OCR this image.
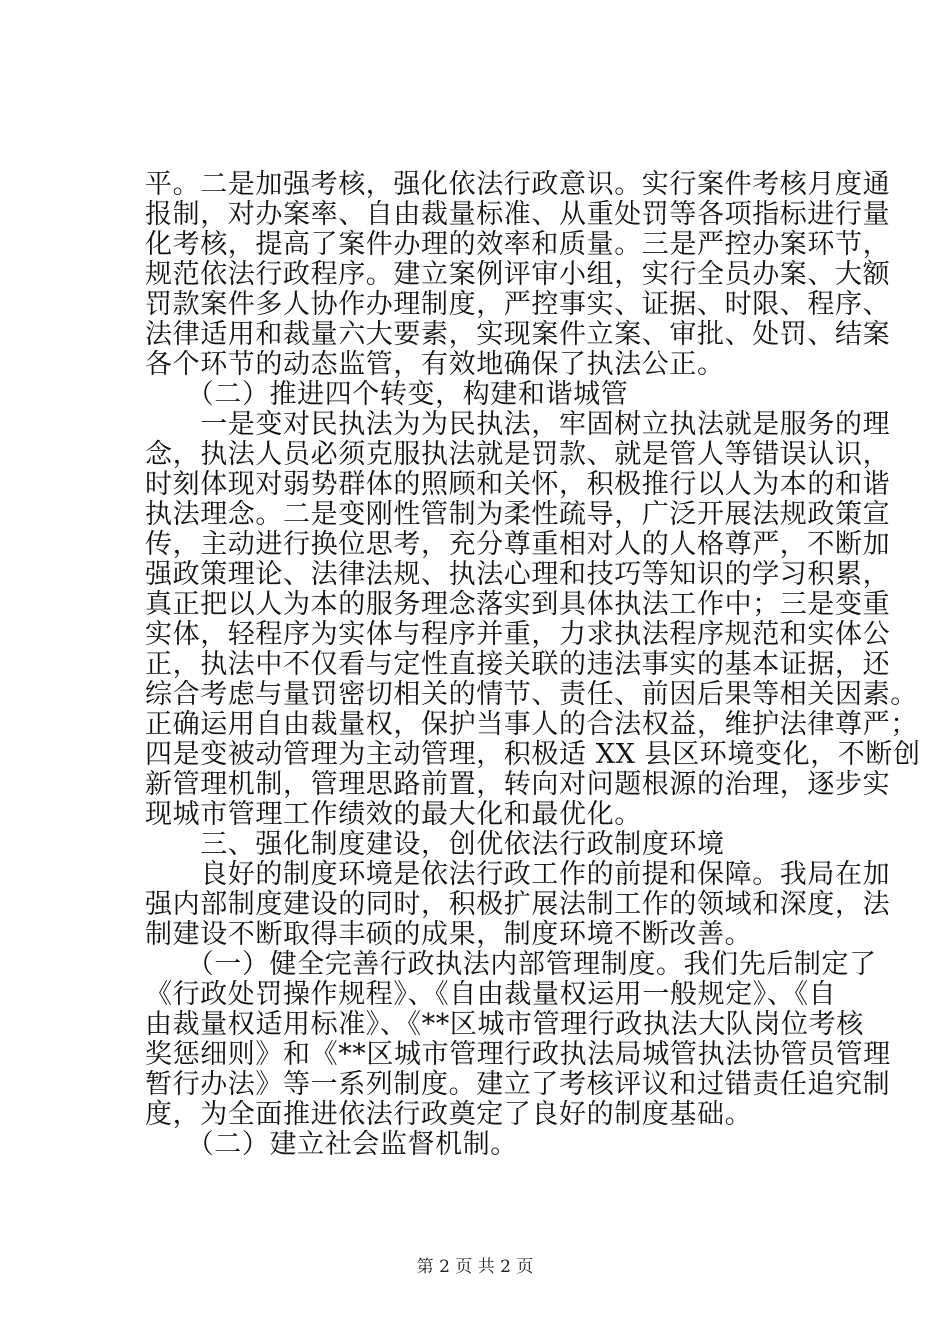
平。二是加强考核，强化依法行政意识。实行案件考核月度通
报制，对办案率、自由裁量标准、从重处罚等各项指标进行量
化考核，提高了案件办理的效率和质量。三是严控办案环节，
规范依法行政程序。建立案例评审小组，实行全员办案、大额
罚款案件多人协作办理制度，严控事实、证据、时限、程序、
法律适用和裁量六大要素，实现案件立案、审批、处罚、结案
各个环节的动态监管，有效地确保了执法公正。
　　（二）推进四个转变，构建和谐城管
　　一是变对民执法为为民执法，牢固树立执法就是服务的理
念，执法人员必须克服执法就是罚款、就是管人等错误认识，
时刻体现对弱势群体的照顾和关怀，积极推行以人为本的和谐
执法理念。二是变刚性管制为柔性疏导，广泛开展法规政策宣
传，主动进行换位思考，充分尊重相对人的人格尊严，不断加
强政策理论、法律法规、执法心理和技巧等知识的学习积累，
真正把以人为本的服务理念落实到具体执法工作中；三是变重
实体，轻程序为实体与程序并重，力求执法程序规范和实体公
正，执法中不仅看与定性直接关联的违法事实的基本证据，还
综合考虑与量罚密切相关的情节、责任、前因后果等相关因素。
正确运用自由裁量权，保护当事人的合法权益，维护法律尊严；
四是变被动管理为主动管理，积极适 XX 县区环境变化，不断创
新管理机制，管理思路前置，转向对问题根源的治理，逐步实
现城市管理工作绩效的最大化和最优化。
　　三、强化制度建设，创优依法行政制度环境
　　良好的制度环境是依法行政工作的前提和保障。我局在加
强内部制度建设的同时，积极扩展法制工作的领域和深度，法
制建设不断取得丰硕的成果，制度环境不断改善。
　　（一）健全完善行政执法内部管理制度。我们先后制定了
《行政处罚操作规程》、《自由裁量权运用一般规定》、《自
由裁量权适用标准》、《**区城市管理行政执法大队岗位考核
奖惩细则》和《**区城市管理行政执法局城管执法协管员管理
暂行办法》等一系列制度。建立了考核评议和过错责任追究制
度，为全面推进依法行政奠定了良好的制度基础。
　　（二）建立社会监督机制。
第 2 页 共 2 页
